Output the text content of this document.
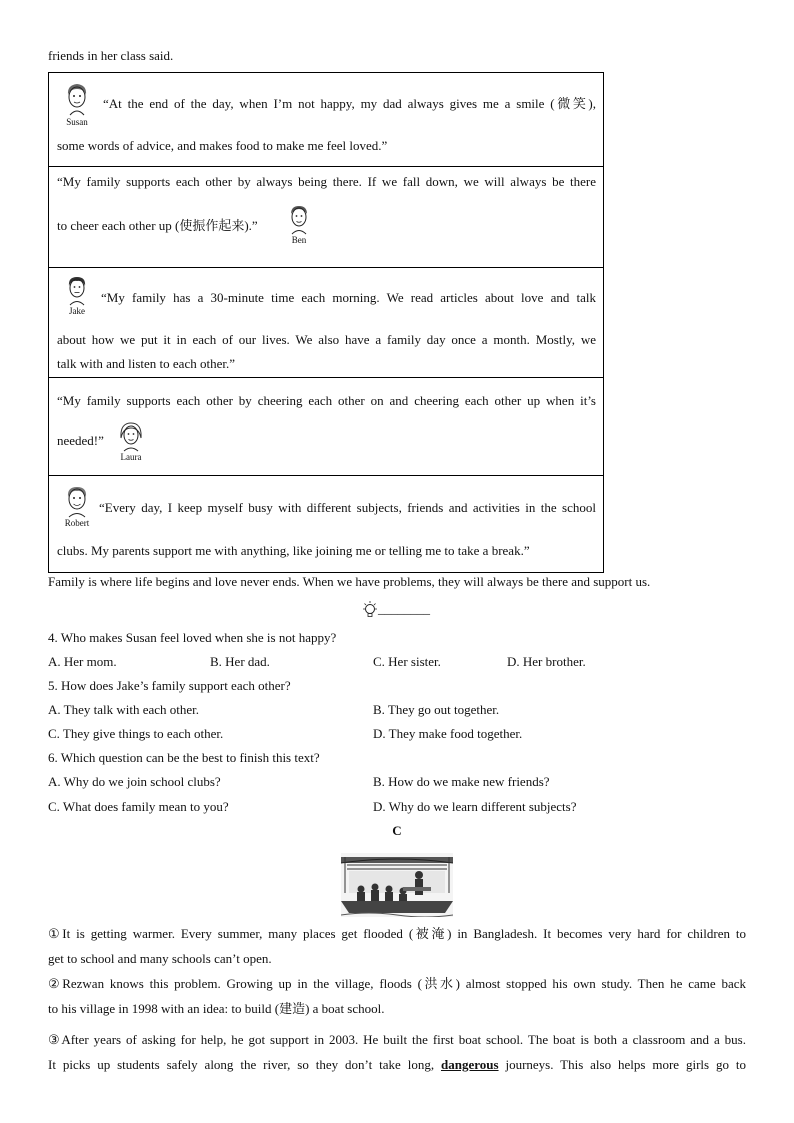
friends in her class said.
Susan
“At the end of the day, when I’m not happy, my dad always gives me a smile (微笑),
some words of advice, and makes food to make me feel loved.”
“My family supports each other by always being there. If we fall down, we will always be there
to cheer each other up (使振作起来).”
Ben
Jake
“My family has a 30-minute time each morning. We read articles about love and talk
about how we put it in each of our lives. We also have a family day once a month. Mostly, we
talk with and listen to each other.”
“My family supports each other by cheering each other on and cheering each other up when it’s
needed!”
Laura
Robert
“Every day, I keep myself busy with different subjects, friends and activities in the school
clubs. My parents support me with anything, like joining me or telling me to take a break.”
Family is where life begins and love never ends. When we have problems, they will always be there and support us.
________
4. Who makes Susan feel loved when she is not happy?
A. Her mom.	B. Her dad.	C. Her sister.	D. Her brother.
5. How does Jake’s family support each other?
A. They talk with each other.	B. They go out together.
C. They give things to each other.	D. They make food together.
6. Which question can be the best to finish this text?
A. Why do we join school clubs?	B. How do we make new friends?
C. What does family mean to you?	D. Why do we learn different subjects?
C
①It is getting warmer. Every summer, many places get flooded (被淹) in Bangladesh. It becomes very hard for children to
get to school and many schools can’t open.
②Rezwan knows this problem. Growing up in the village, floods (洪水) almost stopped his own study. Then he came back
to his village in 1998 with an idea: to build (建造) a boat school.
③After years of asking for help, he got support in 2003. He built the first boat school. The boat is both a classroom and a bus.
It picks up students safely along the river, so they don’t take long, dangerous journeys. This also helps more girls go to
